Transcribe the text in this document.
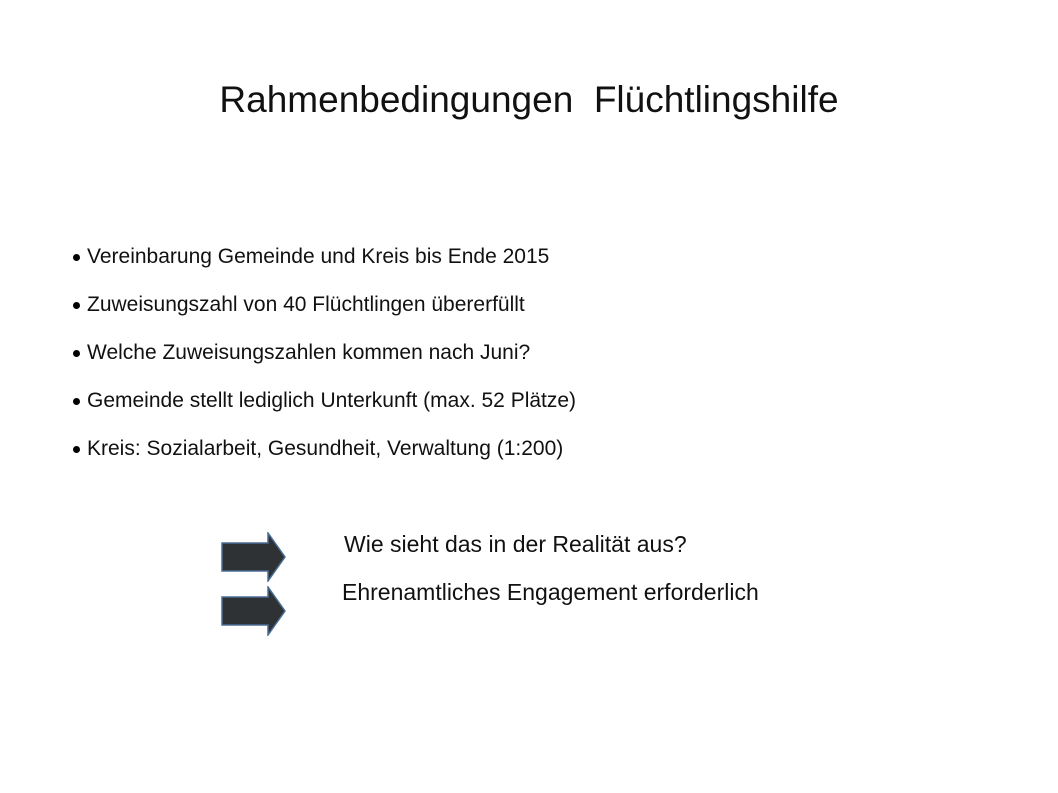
Rahmenbedingungen  Flüchtlingshilfe
Vereinbarung Gemeinde und Kreis bis Ende 2015
Zuweisungszahl von 40 Flüchtlingen übererfüllt
Welche Zuweisungszahlen kommen nach Juni?
Gemeinde stellt lediglich Unterkunft (max. 52 Plätze)
Kreis: Sozialarbeit, Gesundheit, Verwaltung (1:200)
Wie sieht das in der Realität aus?
Ehrenamtliches Engagement erforderlich
